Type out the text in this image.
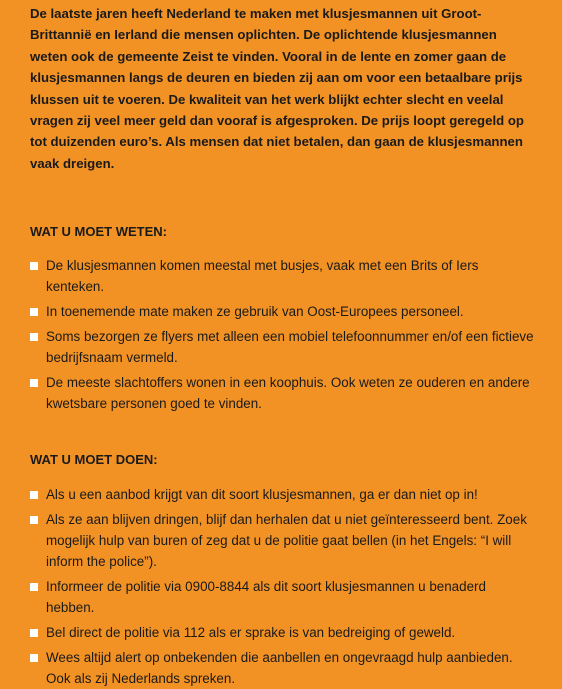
De laatste jaren heeft Nederland te maken met klusjesmannen uit Groot-Brittannië en Ierland die mensen oplichten. De oplichtende klusjesmannen weten ook de gemeente Zeist te vinden. Vooral in de lente en zomer gaan de klusjesmannen langs de deuren en bieden zij aan om voor een betaalbare prijs klussen uit te voeren. De kwaliteit van het werk blijkt echter slecht en veelal vragen zij veel meer geld dan vooraf is afgesproken. De prijs loopt geregeld op tot duizenden euro’s. Als mensen dat niet betalen, dan gaan de klusjesmannen vaak dreigen.

WAT U MOET WETEN:
De klusjesmannen komen meestal met busjes, vaak met een Brits of Iers kenteken.
In toenemende mate maken ze gebruik van Oost-Europees personeel.
Soms bezorgen ze flyers met alleen een mobiel telefoonnummer en/of een fictieve bedrijfsnaam vermeld.
De meeste slachtoffers wonen in een koophuis. Ook weten ze ouderen en andere kwetsbare personen goed te vinden.
WAT U MOET DOEN:
Als u een aanbod krijgt van dit soort klusjesmannen, ga er dan niet op in!
Als ze aan blijven dringen, blijf dan herhalen dat u niet geïnteresseerd bent. Zoek mogelijk hulp van buren of zeg dat u de politie gaat bellen (in het Engels: “I will inform the police”).
Informeer de politie via 0900-8844 als dit soort klusjesmannen u benaderd hebben.
Bel direct de politie via 112 als er sprake is van bedreiging of geweld.
Wees altijd alert op onbekenden die aanbellen en ongevraagd hulp aanbieden. Ook als zij Nederlands spreken.
